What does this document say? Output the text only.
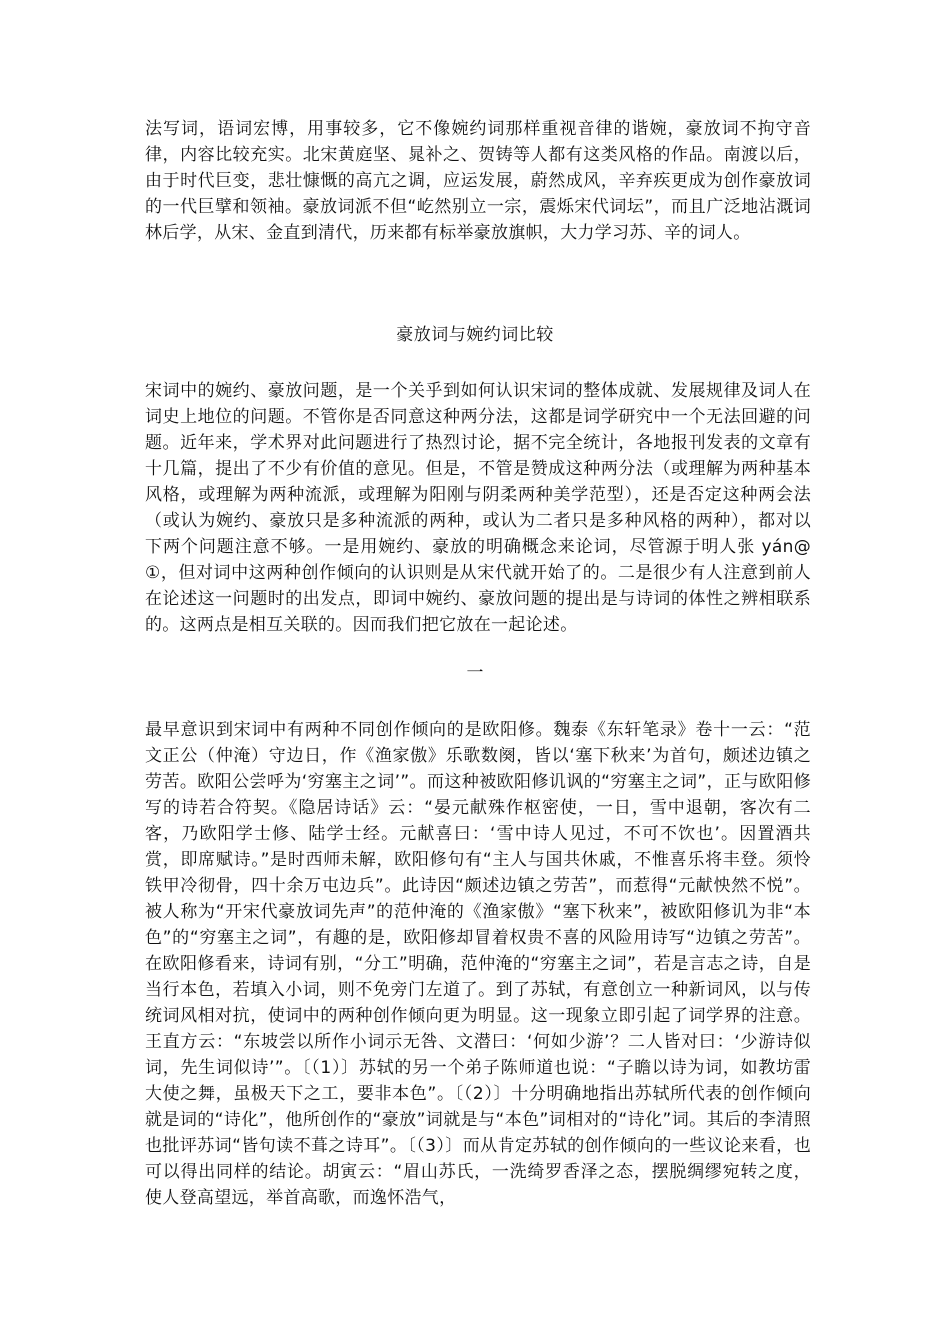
法写词，语词宏博，用事较多，它不像婉约词那样重视音律的谐婉，豪放词不拘守音律，内容比较充实。北宋黄庭坚、晁补之、贺铸等人都有这类风格的作品。南渡以后，由于时代巨变，悲壮慷慨的高亢之调，应运发展，蔚然成风，辛弃疾更成为创作豪放词的一代巨擘和领袖。豪放词派不但“屹然别立一宗，震烁宋代词坛”，而且广泛地沾溉词林后学，从宋、金直到清代，历来都有标举豪放旗帜，大力学习苏、辛的词人。

豪放词与婉约词比较

宋词中的婉约、豪放问题，是一个关乎到如何认识宋词的整体成就、发展规律及词人在词史上地位的问题。不管你是否同意这种两分法，这都是词学研究中一个无法回避的问题。近年来，学术界对此问题进行了热烈讨论，据不完全统计，各地报刊发表的文章有十几篇，提出了不少有价值的意见。但是，不管是赞成这种两分法（或理解为两种基本风格，或理解为两种流派，或理解为阳刚与阴柔两种美学范型），还是否定这种两会法（或认为婉约、豪放只是多种流派的两种，或认为二者只是多种风格的两种），都对以下两个问题注意不够。一是用婉约、豪放的明确概念来论词，尽管源于明人张 yán@①，但对词中这两种创作倾向的认识则是从宋代就开始了的。二是很少有人注意到前人在论述这一问题时的出发点，即词中婉约、豪放问题的提出是与诗词的体性之辨相联系的。这两点是相互关联的。因而我们把它放在一起论述。

一

最早意识到宋词中有两种不同创作倾向的是欧阳修。魏泰《东轩笔录》卷十一云：“范文正公（仲淹）守边日，作《渔家傲》乐歌数阕，皆以‘塞下秋来’为首句，颇述边镇之劳苦。欧阳公尝呼为‘穷塞主之词’”。而这种被欧阳修讥讽的“穷塞主之词”，正与欧阳修写的诗若合符契。《隐居诗话》云：“晏元献殊作枢密使，一日，雪中退朝，客次有二客，乃欧阳学士修、陆学士经。元献喜曰：‘雪中诗人见过，不可不饮也’。因置酒共赏，即席赋诗。”是时西师未解，欧阳修句有“主人与国共休戚，不惟喜乐将丰登。须怜铁甲冷彻骨，四十余万屯边兵”。此诗因“颇述边镇之劳苦”，而惹得“元献怏然不悦”。被人称为“开宋代豪放词先声”的范仲淹的《渔家傲》“塞下秋来”，被欧阳修讥为非“本色”的“穷塞主之词”，有趣的是，欧阳修却冒着权贵不喜的风险用诗写“边镇之劳苦”。在欧阳修看来，诗词有别，“分工”明确，范仲淹的“穷塞主之词”，若是言志之诗，自是当行本色，若填入小词，则不免旁门左道了。到了苏轼，有意创立一种新词风，以与传统词风相对抗，使词中的两种创作倾向更为明显。这一现象立即引起了词学界的注意。王直方云：“东坡尝以所作小词示无咎、文潜曰：‘何如少游’？二人皆对曰：‘少游诗似词，先生词似诗’”。〔（1）〕苏轼的另一个弟子陈师道也说：“子瞻以诗为词，如教坊雷大使之舞，虽极天下之工，要非本色”。〔（2）〕十分明确地指出苏轼所代表的创作倾向就是词的“诗化”，他所创作的“豪放”词就是与“本色”词相对的“诗化”词。其后的李清照也批评苏词“皆句读不葺之诗耳”。〔（3）〕而从肯定苏轼的创作倾向的一些议论来看，也可以得出同样的结论。胡寅云：“眉山苏氏，一洗绮罗香泽之态，摆脱绸缪宛转之度，使人登高望远，举首高歌，而逸怀浩气，
